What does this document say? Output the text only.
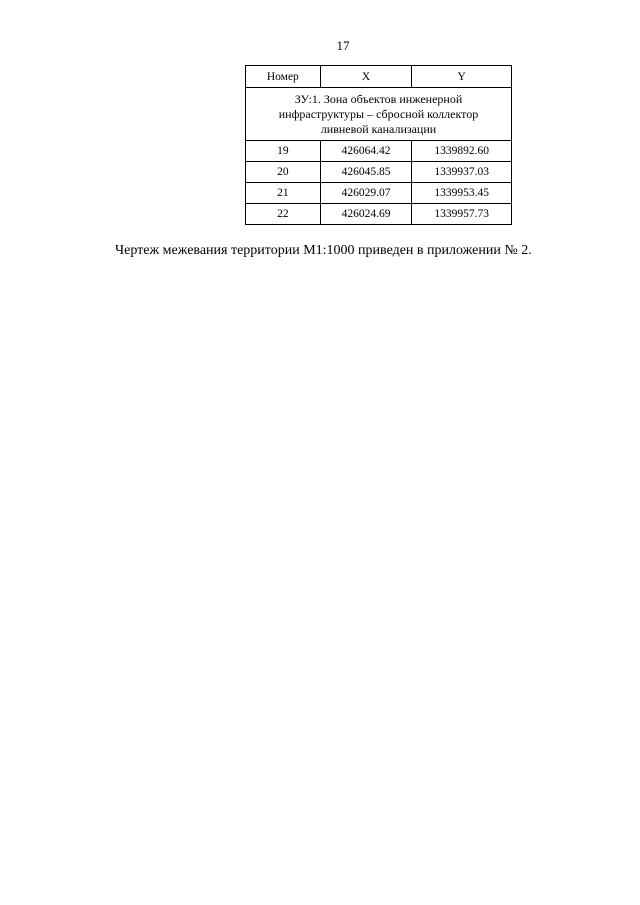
17
Номер	X	Y
ЗУ:1. Зона объектов инженерной инфраструктуры – сбросной коллектор ливневой канализации		
19	426064.42	1339892.60
20	426045.85	1339937.03
21	426029.07	1339953.45
22	426024.69	1339957.73
Чертеж межевания территории М1:1000 приведен в приложении № 2.
